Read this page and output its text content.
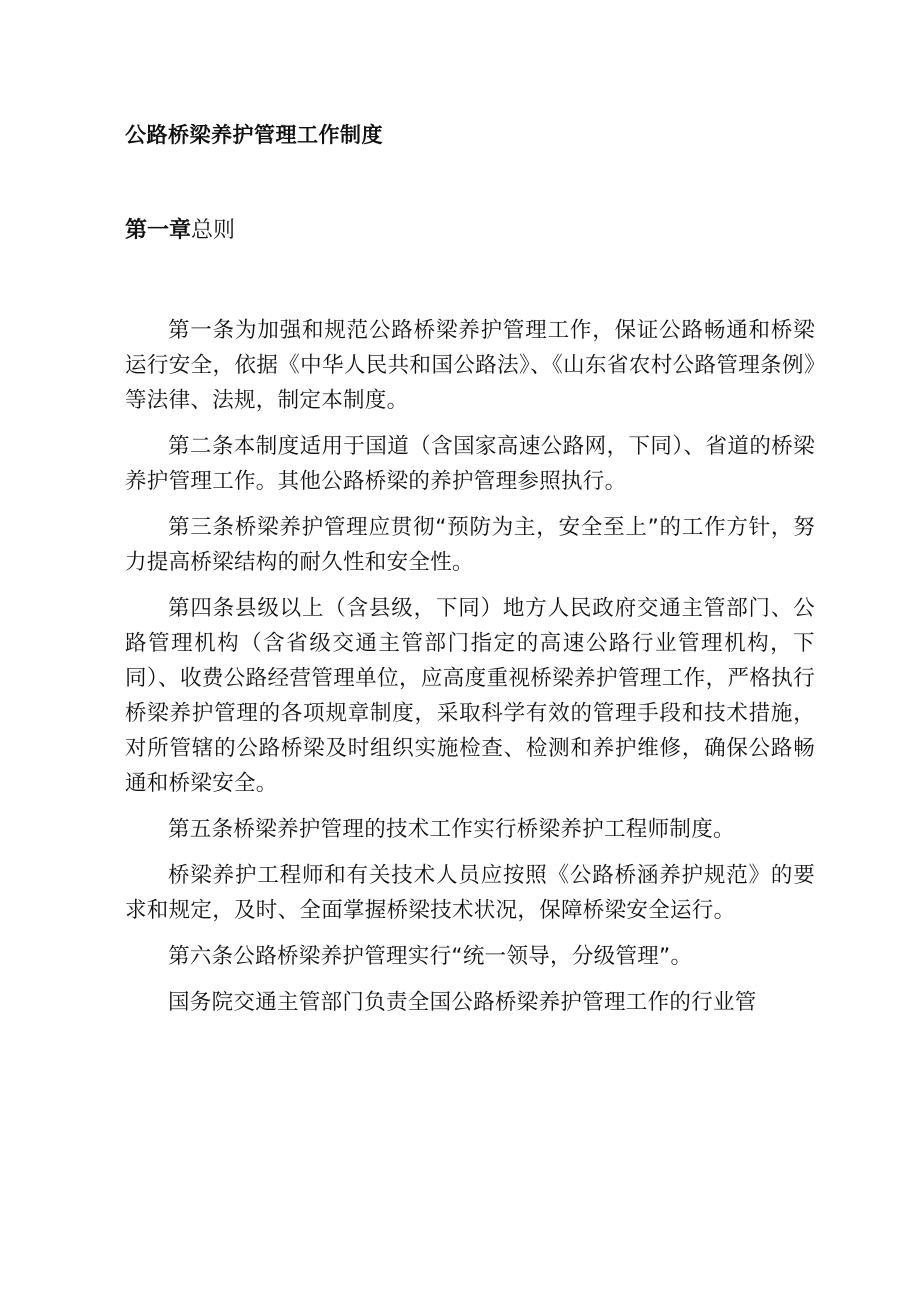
公路桥梁养护管理工作制度
第一章总则

第一条为加强和规范公路桥梁养护管理工作，保证公路畅通和桥梁运行安全，依据《中华人民共和国公路法》、《山东省农村公路管理条例》等法律、法规，制定本制度。

第二条本制度适用于国道（含国家高速公路网，下同）、省道的桥梁养护管理工作。其他公路桥梁的养护管理参照执行。

第三条桥梁养护管理应贯彻“预防为主，安全至上”的工作方针，努力提高桥梁结构的耐久性和安全性。

第四条县级以上（含县级，下同）地方人民政府交通主管部门、公路管理机构（含省级交通主管部门指定的高速公路行业管理机构，下同）、收费公路经营管理单位，应高度重视桥梁养护管理工作，严格执行桥梁养护管理的各项规章制度，采取科学有效的管理手段和技术措施，对所管辖的公路桥梁及时组织实施检查、检测和养护维修，确保公路畅通和桥梁安全。

第五条桥梁养护管理的技术工作实行桥梁养护工程师制度。

桥梁养护工程师和有关技术人员应按照《公路桥涵养护规范》的要求和规定，及时、全面掌握桥梁技术状况，保障桥梁安全运行。

第六条公路桥梁养护管理实行“统一领导，分级管理”。

国务院交通主管部门负责全国公路桥梁养护管理工作的行业管
